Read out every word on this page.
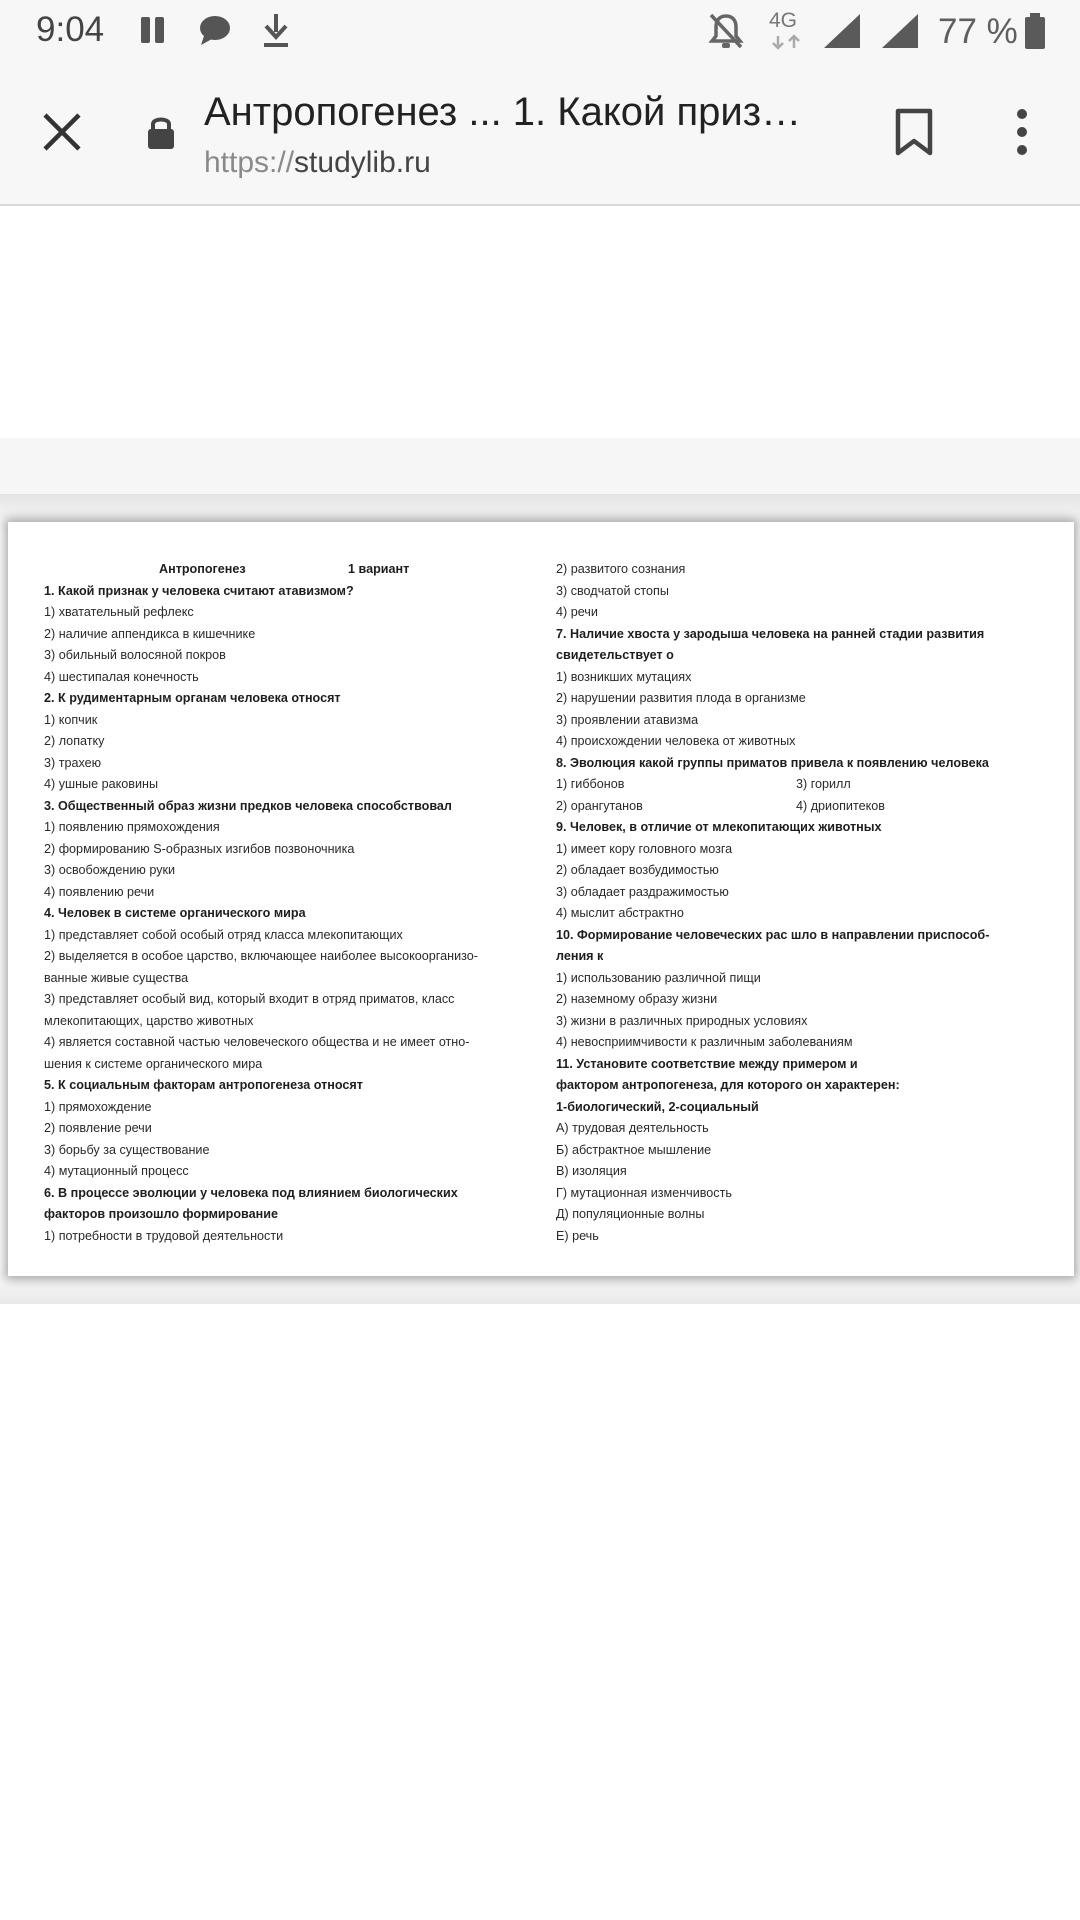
9:04	4G	77 %
Антропогенез ... 1. Какой приз…
https://studylib.ru
Антропогенез	1 вариант
1. Какой признак у человека считают атавизмом?
1) хватательный рефлекс
2) наличие аппендикса в кишечнике
3) обильный волосяной покров
4) шестипалая конечность
2. К рудиментарным органам человека относят
1) копчик
2) лопатку
3) трахею
4) ушные раковины
3. Общественный образ жизни предков человека способствовал
1) появлению прямохождения
2) формированию S-образных изгибов позвоночника
3) освобождению руки
4) появлению речи
4. Человек в системе органического мира
1) представляет собой особый отряд класса млекопитающих
2) выделяется в особое царство, включающее наиболее высокоорганизо-
ванные живые существа
3) представляет особый вид, который входит в отряд приматов, класс
млекопитающих, царство животных
4) является составной частью человеческого общества и не имеет отно-
шения к системе органического мира
5. К социальным факторам антропогенеза относят
1) прямохождение
2) появление речи
3) борьбу за существование
4) мутационный процесс
6. В процессе эволюции у человека под влиянием биологических
факторов произошло формирование
1) потребности в трудовой деятельности
2) развитого сознания
3) сводчатой стопы
4) речи
7. Наличие хвоста у зародыша человека на ранней стадии развития
свидетельствует о
1) возникших мутациях
2) нарушении развития плода в организме
3) проявлении атавизма
4) происхождении человека от животных
8. Эволюция какой группы приматов привела к появлению человека
1) гиббонов	3) горилл
2) орангутанов	4) дриопитеков
9. Человек, в отличие от млекопитающих животных
1) имеет кору головного мозга
2) обладает возбудимостью
3) обладает раздражимостью
4) мыслит абстрактно
10. Формирование человеческих рас шло в направлении приспособ-
ления к
1) использованию различной пищи
2) наземному образу жизни
3) жизни в различных природных условиях
4) невосприимчивости к различным заболеваниям
11. Установите соответствие между примером и
фактором антропогенеза, для которого он характерен:
1-биологический, 2-социальный
А) трудовая деятельность
Б) абстрактное мышление
В) изоляция
Г) мутационная изменчивость
Д) популяционные волны
Е) речь
